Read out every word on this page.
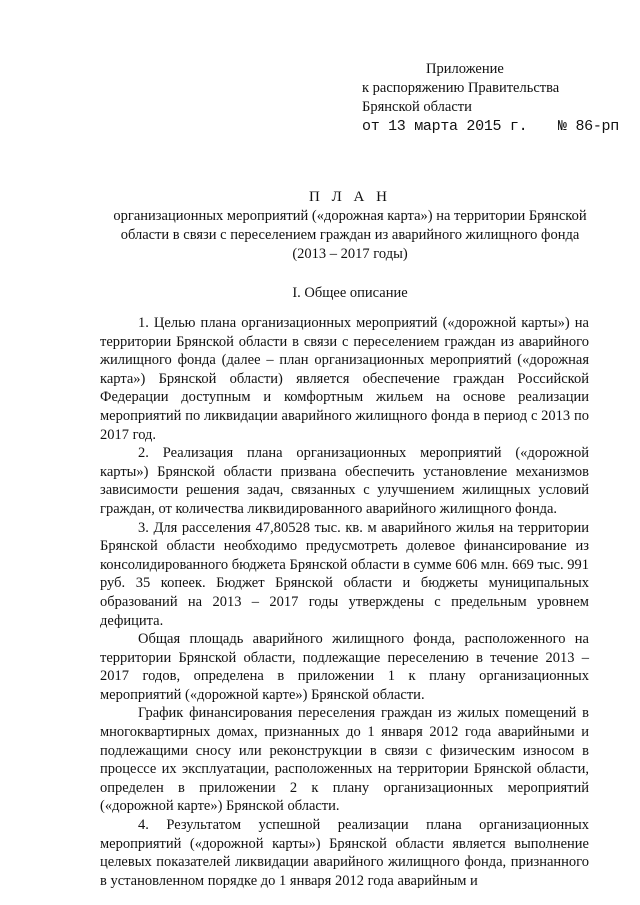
Приложение
к распоряжению Правительства
Брянской области
от 13 марта 2015 г. № 86-рп
П Л А Н
организационных мероприятий («дорожная карта») на территории Брянской области в связи с переселением граждан из аварийного жилищного фонда
(2013 – 2017 годы)
I. Общее описание

1. Целью плана организационных мероприятий («дорожной карты») на территории Брянской области в связи с переселением граждан из аварийного жилищного фонда (далее – план организационных мероприятий («дорожная карта») Брянской области) является обеспечение граждан Российской Федерации доступным и комфортным жильем на основе реализации мероприятий по ликвидации аварийного жилищного фонда в период с 2013 по 2017 год.

2. Реализация плана организационных мероприятий («дорожной карты») Брянской области призвана обеспечить установление механизмов зависимости решения задач, связанных с улучшением жилищных условий граждан, от количества ликвидированного аварийного жилищного фонда.

3. Для расселения 47,80528 тыс. кв. м аварийного жилья на территории Брянской области необходимо предусмотреть долевое финансирование из консолидированного бюджета Брянской области в сумме 606 млн. 669 тыс. 991 руб. 35 копеек. Бюджет Брянской области и бюджеты муниципальных образований на 2013 – 2017 годы утверждены с предельным уровнем дефицита.

Общая площадь аварийного жилищного фонда, расположенного на территории Брянской области, подлежащие переселению в течение 2013 – 2017 годов, определена в приложении 1 к плану организационных мероприятий («дорожной карте») Брянской области.

График финансирования переселения граждан из жилых помещений в многоквартирных домах, признанных до 1 января 2012 года аварийными и подлежащими сносу или реконструкции в связи с физическим износом в процессе их эксплуатации, расположенных на территории Брянской области, определен в приложении 2 к плану организационных мероприятий («дорожной карте») Брянской области.

4. Результатом успешной реализации плана организационных мероприятий («дорожной карты») Брянской области является выполнение целевых показателей ликвидации аварийного жилищного фонда, признанного в установленном порядке до 1 января 2012 года аварийным и
